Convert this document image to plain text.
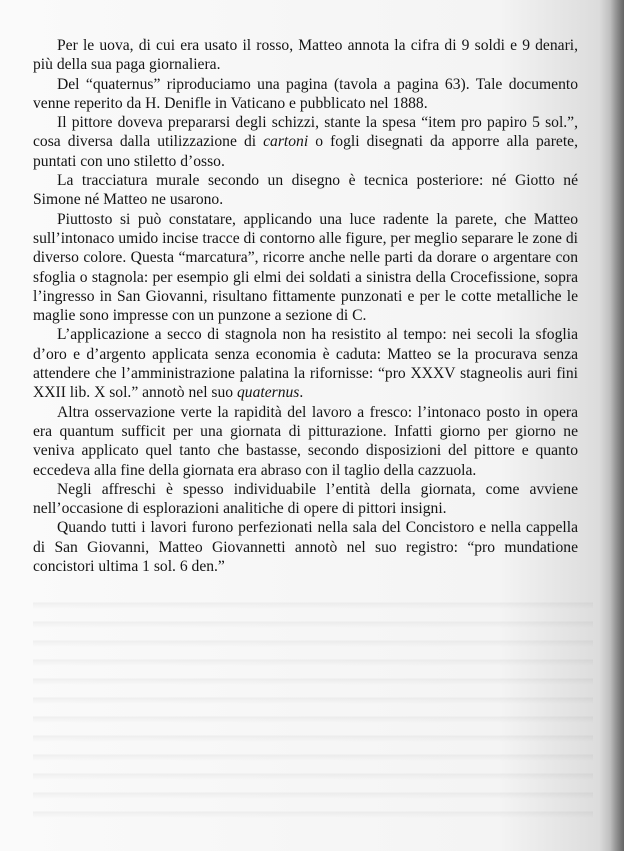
Per le uova, di cui era usato il rosso, Matteo annota la cifra di 9 soldi e 9 denari, più della sua paga giornaliera.

Del “quaternus” riproduciamo una pagina (tavola a pagina 63). Tale documento venne reperito da H. Denifle in Vaticano e pubblicato nel 1888.

Il pittore doveva prepararsi degli schizzi, stante la spesa “item pro papiro 5 sol.”, cosa diversa dalla utilizzazione di cartoni o fogli disegnati da apporre alla parete, puntati con uno stiletto d’osso.

La tracciatura murale secondo un disegno è tecnica posteriore: né Giotto né Simone né Matteo ne usarono.

Piuttosto si può constatare, applicando una luce radente la parete, che Matteo sull’intonaco umido incise tracce di contorno alle figure, per meglio separare le zone di diverso colore. Questa “marcatura”, ricorre anche nelle parti da dorare o argentare con sfoglia o stagnola: per esempio gli elmi dei soldati a sinistra della Crocefissione, sopra l’ingresso in San Giovanni, risultano fittamente punzonati e per le cotte metalliche le maglie sono impresse con un punzone a sezione di C.

L’applicazione a secco di stagnola non ha resistito al tempo: nei secoli la sfoglia d’oro e d’argento applicata senza economia è caduta: Matteo se la procurava senza attendere che l’amministrazione palatina la rifornisse: “pro XXXV stagneolis auri fini XXII lib. X sol.” annotò nel suo quaternus.

Altra osservazione verte la rapidità del lavoro a fresco: l’intonaco posto in opera era quantum sufficit per una giornata di pitturazione. Infatti giorno per giorno ne veniva applicato quel tanto che bastasse, secondo disposizioni del pittore e quanto eccedeva alla fine della giornata era abraso con il taglio della cazzuola.

Negli affreschi è spesso individuabile l’entità della giornata, come avviene nell’occasione di esplorazioni analitiche di opere di pittori insigni.

Quando tutti i lavori furono perfezionati nella sala del Concistoro e nella cappella di San Giovanni, Matteo Giovannetti annotò nel suo registro: “pro mundatione concistori ultima 1 sol. 6 den.”
